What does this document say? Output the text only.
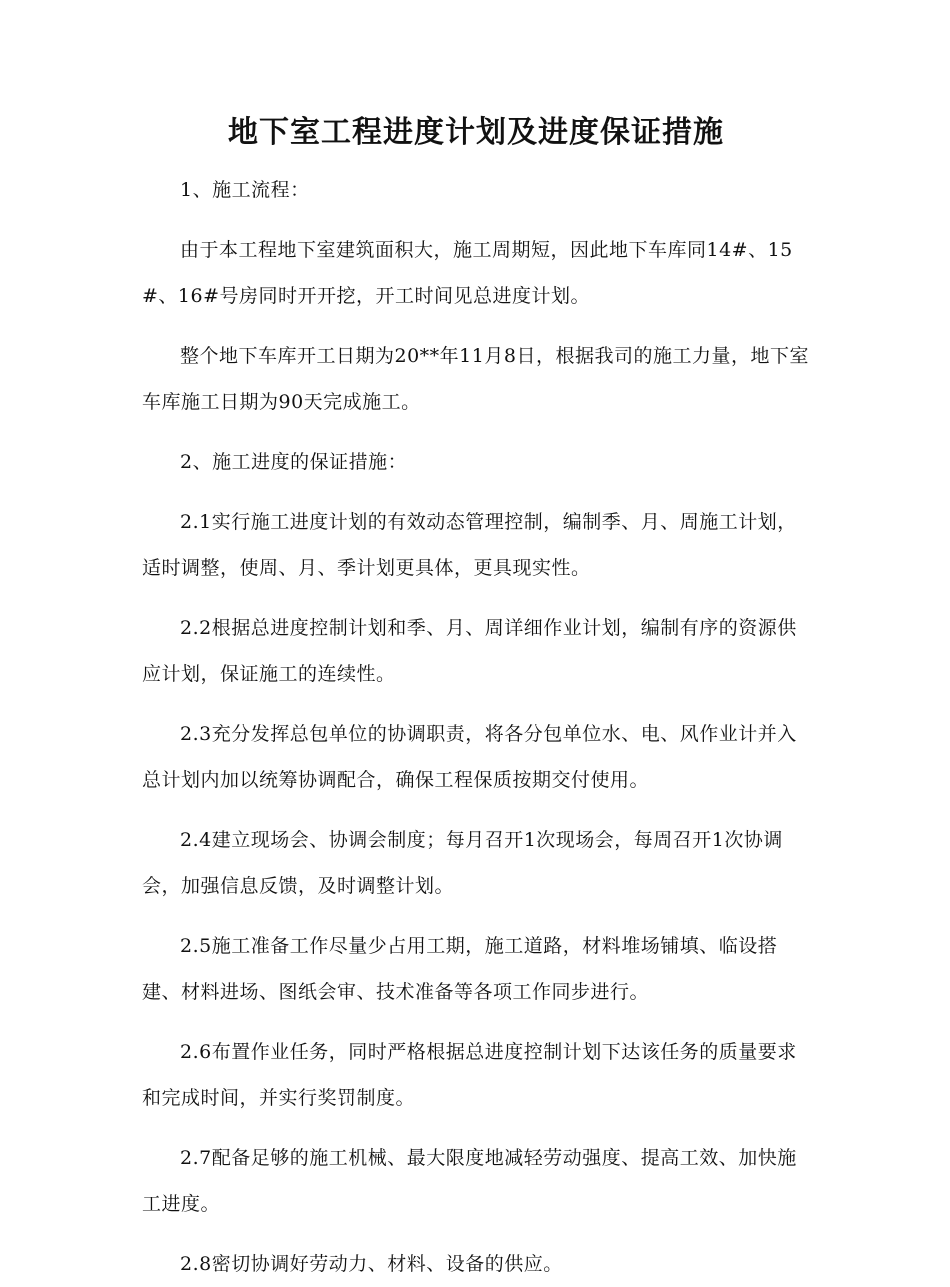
地下室工程进度计划及进度保证措施

1、施工流程：

由于本工程地下室建筑面积大，施工周期短，因此地下车库同14#、15#、16#号房同时开开挖，开工时间见总进度计划。

整个地下车库开工日期为20**年11月8日，根据我司的施工力量，地下室车库施工日期为90天完成施工。

2、施工进度的保证措施：

2.1实行施工进度计划的有效动态管理控制，编制季、月、周施工计划，适时调整，使周、月、季计划更具体，更具现实性。

2.2根据总进度控制计划和季、月、周详细作业计划，编制有序的资源供应计划，保证施工的连续性。

2.3充分发挥总包单位的协调职责，将各分包单位水、电、风作业计并入总计划内加以统筹协调配合，确保工程保质按期交付使用。

2.4建立现场会、协调会制度；每月召开1次现场会，每周召开1次协调会，加强信息反馈，及时调整计划。

2.5施工准备工作尽量少占用工期，施工道路，材料堆场铺填、临设搭建、材料进场、图纸会审、技术准备等各项工作同步进行。

2.6布置作业任务，同时严格根据总进度控制计划下达该任务的质量要求和完成时间，并实行奖罚制度。

2.7配备足够的施工机械、最大限度地减轻劳动强度、提高工效、加快施工进度。

2.8密切协调好劳动力、材料、设备的供应。
